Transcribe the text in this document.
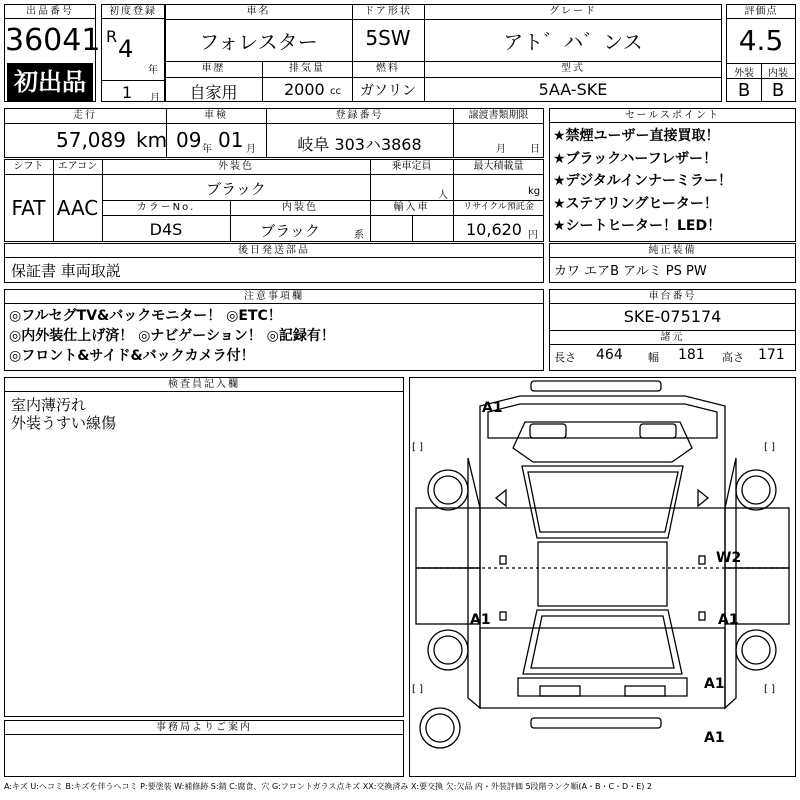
出品番号
36041
初出品
初度登録
R 4
年
1 月
車名
フォレスター
ドア形状
5SW
グレード
アト゛ハ゛ンス
車歴
自家用
排気量
2000 cc
燃料
ガソリン
型式
5AA-SKE
評価点
4.5
外装	内装
B	B
走行
57,089 km
車検
09 年 01 月
登録番号
岐阜 303ハ3868
譲渡書類期限
月 日
シフト
FAT
エアコン
AAC
外装色
ブラック
乗車定員
人
最大積載量
kg
カラーNo.
D4S
内装色
ブラック	系
輸入車	リサイクル預託金
10,620 円
後日発送部品
保証書 車両取説
セールスポイント
★禁煙ユーザー直接買取！
★ブラックハーフレザー！
★デジタルインナーミラー！
★ステアリングヒーター！
★シートヒーター！LED！
純正装備
カワ エアB アルミ PS PW
注意事項欄
◎フルセグTV&バックモニター！ ◎ETC！
◎内外装仕上げ済！ ◎ナビゲーション！ ◎記録有！
◎フロント&サイド&バックカメラ付！
車台番号
SKE-075174
諸元
長さ 464 幅 181 高さ 171
検査員記入欄
室内薄汚れ
外装うすい線傷
事務局よりご案内
A1
W2
A1	A1
A1
A1
[ ]	[ ]
[ ]	[ ]
A:キズ U:ヘコミ B:キズを伴うヘコミ P:要塗装 W:補修跡 S:錆 C:腐食、穴 G:フロントガラス点キズ XX:交換済み X:要交換 欠:欠品 内・外装評価 5段階ランク順(A・B・C・D・E) 2
